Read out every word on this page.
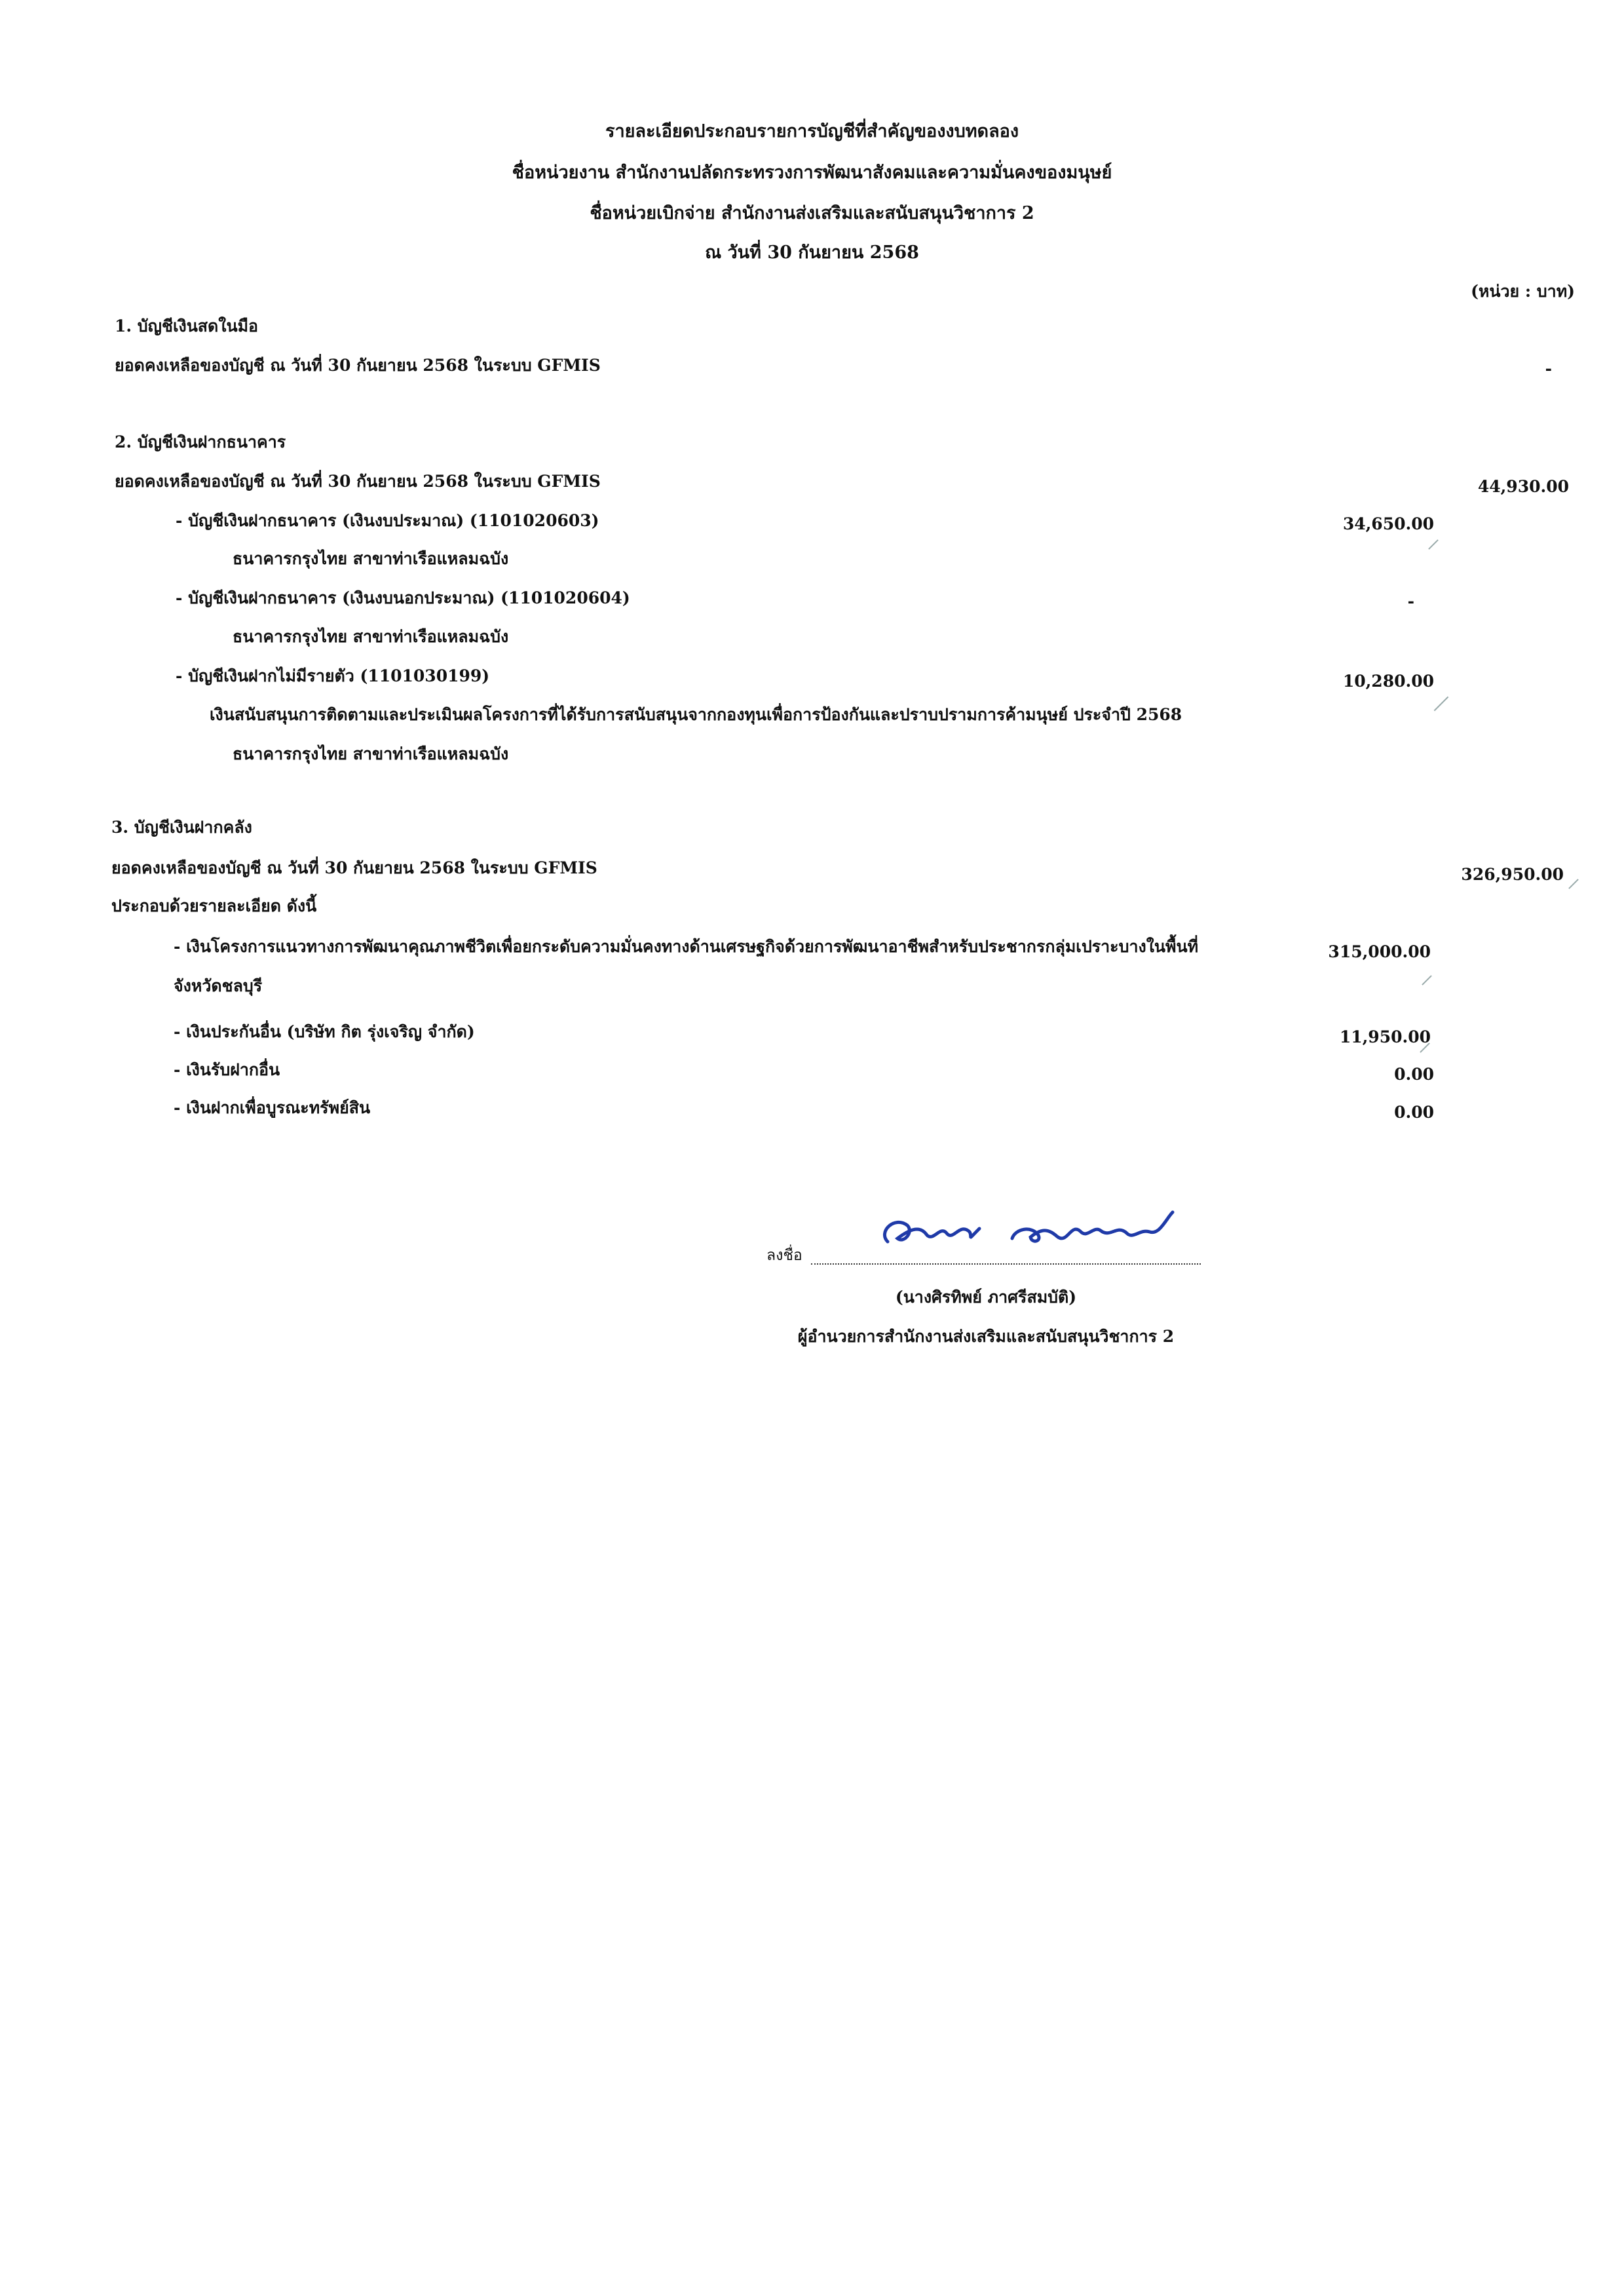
รายละเอียดประกอบรายการบัญชีที่สำคัญของงบทดลอง
ชื่อหน่วยงาน สำนักงานปลัดกระทรวงการพัฒนาสังคมและความมั่นคงของมนุษย์
ชื่อหน่วยเบิกจ่าย สำนักงานส่งเสริมและสนับสนุนวิชาการ 2
ณ วันที่ 30 กันยายน 2568
(หน่วย : บาท)
1. บัญชีเงินสดในมือ
ยอดคงเหลือของบัญชี ณ วันที่ 30 กันยายน 2568 ในระบบ GFMIS	-
2. บัญชีเงินฝากธนาคาร
ยอดคงเหลือของบัญชี ณ วันที่ 30 กันยายน 2568 ในระบบ GFMIS	44,930.00
- บัญชีเงินฝากธนาคาร (เงินงบประมาณ) (1101020603)	34,650.00
ธนาคารกรุงไทย สาขาท่าเรือแหลมฉบัง
- บัญชีเงินฝากธนาคาร (เงินงบนอกประมาณ) (1101020604)	-
ธนาคารกรุงไทย สาขาท่าเรือแหลมฉบัง
- บัญชีเงินฝากไม่มีรายตัว (1101030199)	10,280.00
เงินสนับสนุนการติดตามและประเมินผลโครงการที่ได้รับการสนับสนุนจากกองทุนเพื่อการป้องกันและปราบปรามการค้ามนุษย์ ประจำปี 2568
ธนาคารกรุงไทย สาขาท่าเรือแหลมฉบัง
3. บัญชีเงินฝากคลัง
ยอดคงเหลือของบัญชี ณ วันที่ 30 กันยายน 2568 ในระบบ GFMIS	326,950.00
ประกอบด้วยรายละเอียด ดังนี้
- เงินโครงการแนวทางการพัฒนาคุณภาพชีวิตเพื่อยกระดับความมั่นคงทางด้านเศรษฐกิจด้วยการพัฒนาอาชีพสำหรับประชากรกลุ่มเปราะบางในพื้นที่	315,000.00
จังหวัดชลบุรี
- เงินประกันอื่น (บริษัท กิต รุ่งเจริญ จำกัด)	11,950.00
- เงินรับฝากอื่น	0.00
- เงินฝากเพื่อบูรณะทรัพย์สิน	0.00
ลงชื่อ
(นางศิรทิพย์ ภาศรีสมบัติ)
ผู้อำนวยการสำนักงานส่งเสริมและสนับสนุนวิชาการ 2
